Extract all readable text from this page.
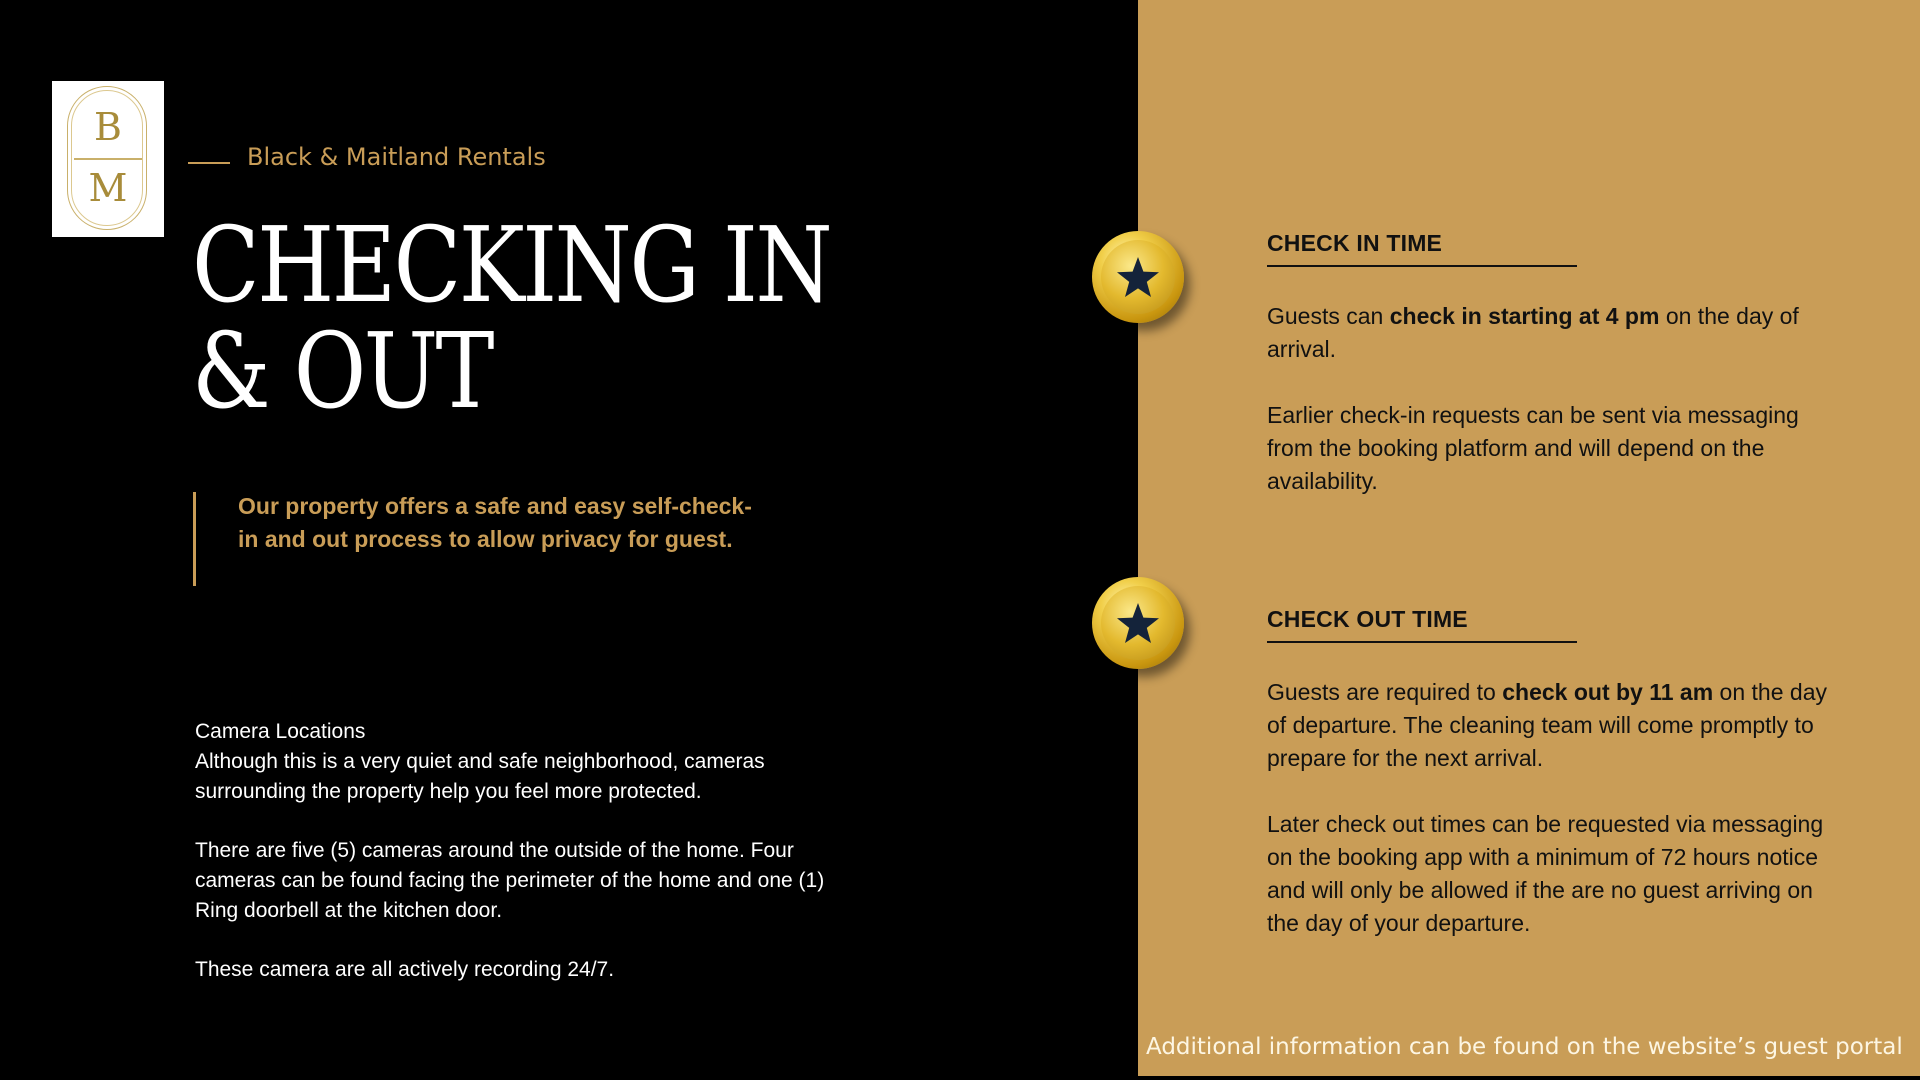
B
M
Black & Maitland Rentals
CHECKING IN & OUT
Our property offers a safe and easy self-check-in and out process to allow privacy for guest.

Camera Locations

Although this is a very quiet and safe neighborhood, cameras surrounding the property help you feel more protected.

There are five (5) cameras around the outside of the home. Four cameras can be found facing the perimeter of the home and one (1) Ring doorbell at the kitchen door.

These camera are all actively recording 24/7.

CHECK IN TIME
Guests can check in starting at 4 pm on the day of arrival.
Earlier check-in requests can be sent via messaging from the booking platform and will depend on the availability.
CHECK OUT TIME
Guests are required to check out by 11 am on the day of departure. The cleaning team will come promptly to prepare for the next arrival.
Later check out times can be requested via messaging on the booking app with a minimum of 72 hours notice and will only be allowed if the are no guest arriving on the day of your departure.
Additional information can be found on the website’s guest portal
